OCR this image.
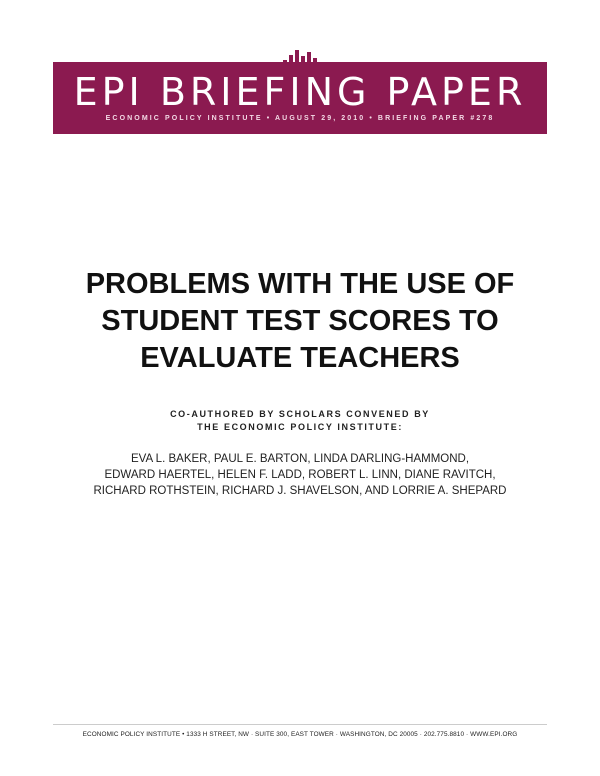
EPI BRIEFING PAPER
ECONOMIC POLICY INSTITUTE • AUGUST 29, 2010 • BRIEFING PAPER #278
PROBLEMS WITH THE USE OF
STUDENT TEST SCORES TO
EVALUATE TEACHERS
CO-AUTHORED BY SCHOLARS CONVENED BY
THE ECONOMIC POLICY INSTITUTE:
EVA L. BAKER, PAUL E. BARTON, LINDA DARLING-HAMMOND,
EDWARD HAERTEL, HELEN F. LADD, ROBERT L. LINN, DIANE RAVITCH,
RICHARD ROTHSTEIN, RICHARD J. SHAVELSON, AND LORRIE A. SHEPARD
ECONOMIC POLICY INSTITUTE • 1333 H STREET, NW · SUITE 300, EAST TOWER · WASHINGTON, DC 20005 · 202.775.8810 · WWW.EPI.ORG
